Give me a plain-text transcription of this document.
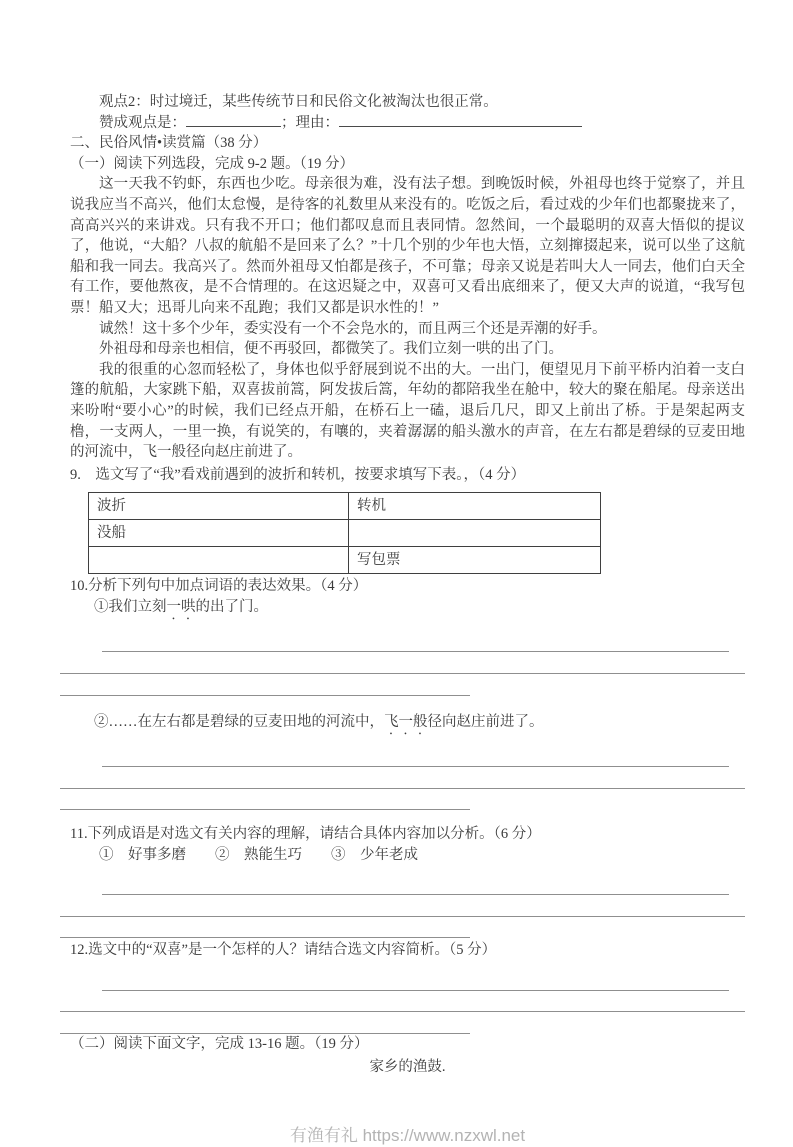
观点2：时过境迁，某些传统节日和民俗文化被淘汰也很正常。

赞成观点是：	；理由：

二、民俗风情•读赏篇（38 分）

（一）阅读下列选段，完成 9-2 题。（19 分）

这一天我不钓虾，东西也少吃。母亲很为难，没有法子想。到晚饭时候，外祖母也终于觉察了，并且说我应当不高兴，他们太怠慢，是待客的礼数里从来没有的。吃饭之后，看过戏的少年们也都聚拢来了，高高兴兴的来讲戏。只有我不开口；他们都叹息而且表同情。忽然间，一个最聪明的双喜大悟似的提议了，他说，“大船？八叔的航船不是回来了么？”十几个别的少年也大悟，立刻撺掇起来，说可以坐了这航船和我一同去。我高兴了。然而外祖母又怕都是孩子，不可靠；母亲又说是若叫大人一同去，他们白天全有工作，要他熬夜，是不合情理的。在这迟疑之中，双喜可又看出底细来了，便又大声的说道，“我写包票！船又大；迅哥儿向来不乱跑；我们又都是识水性的！”

诚然！这十多个少年，委实没有一个不会凫水的，而且两三个还是弄潮的好手。

外祖母和母亲也相信，便不再驳回，都微笑了。我们立刻一哄的出了门。

我的很重的心忽而轻松了，身体也似乎舒展到说不出的大。一出门，便望见月下前平桥内泊着一支白篷的航船，大家跳下船，双喜拔前篙，阿发拔后篙，年幼的都陪我坐在舱中，较大的聚在船尾。母亲送出来吩咐“要小心”的时候，我们已经点开船，在桥石上一磕，退后几尺，即又上前出了桥。于是架起两支橹，一支两人，一里一换，有说笑的，有嚷的，夹着潺潺的船头激水的声音，在左右都是碧绿的豆麦田地的河流中，飞一般径向赵庄前进了。

9.　选文写了“我”看戏前遇到的波折和转机，按要求填写下表。，（4 分）

波折	转机
没船	
	写包票

10.分析下列句中加点词语的表达效果。（4 分）

①我们立刻一哄的出了门。

②……在左右都是碧绿的豆麦田地的河流中，飞一般径向赵庄前进了。

11.下列成语是对选文有关内容的理解，请结合具体内容加以分析。（6 分）

①　好事多磨　　②　熟能生巧　　③　少年老成

12.选文中的“双喜”是一个怎样的人？请结合选文内容简析。（5 分）

（二）阅读下面文字，完成 13-16 题。（19 分）

家乡的渔鼓.

有渔有礼 https://www.nzxwl.net
